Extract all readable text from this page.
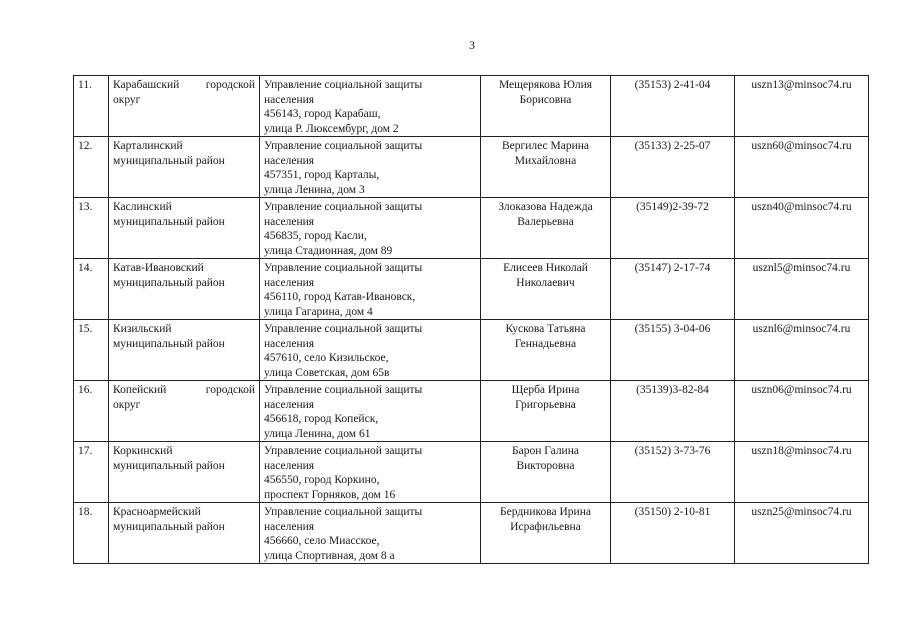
3
11.	Карабашский городской
округ	Управление социальной защиты
населения
456143, город Карабаш,
улица Р. Люксембург, дом 2	Мещерякова Юлия
Борисовна	(35153) 2-41-04	uszn13@minsoc74.ru
12.	Карталинский
муниципальный район	Управление социальной защиты
населения
457351, город Карталы,
улица Ленина, дом 3	Вергилес Марина
Михайловна	(35133) 2-25-07	uszn60@minsoc74.ru
13.	Каслинский
муниципальный район	Управление социальной защиты
населения
456835, город Касли,
улица Стадионная, дом 89	Злоказова Надежда
Валерьевна	(35149)2-39-72	uszn40@minsoc74.ru
14.	Катав-Ивановский
муниципальный район	Управление социальной защиты
населения
456110, город Катав-Ивановск,
улица Гагарина, дом 4	Елисеев Николай
Николаевич	(35147) 2-17-74	usznl5@minsoc74.ru
15.	Кизильский
муниципальный район	Управление социальной защиты
населения
457610, село Кизильское,
улица Советская, дом 65в	Кускова Татьяна
Геннадьевна	(35155) 3-04-06	usznl6@minsoc74.ru
16.	Копейский городской
округ	Управление социальной защиты
населения
456618, город Копейск,
улица Ленина, дом 61	Щерба Ирина
Григорьевна	(35139)3-82-84	uszn06@minsoc74.ru
17.	Коркинский
муниципальный район	Управление социальной защиты
населения
456550, город Коркино,
проспект Горняков, дом 16	Барон Галина
Викторовна	(35152) 3-73-76	uszn18@minsoc74.ru
18.	Красноармейский
муниципальный район	Управление социальной защиты
населения
456660, село Миасское,
улица Спортивная, дом 8 а	Бердникова Ирина
Исрафильевна	(35150) 2-10-81	uszn25@minsoc74.ru
